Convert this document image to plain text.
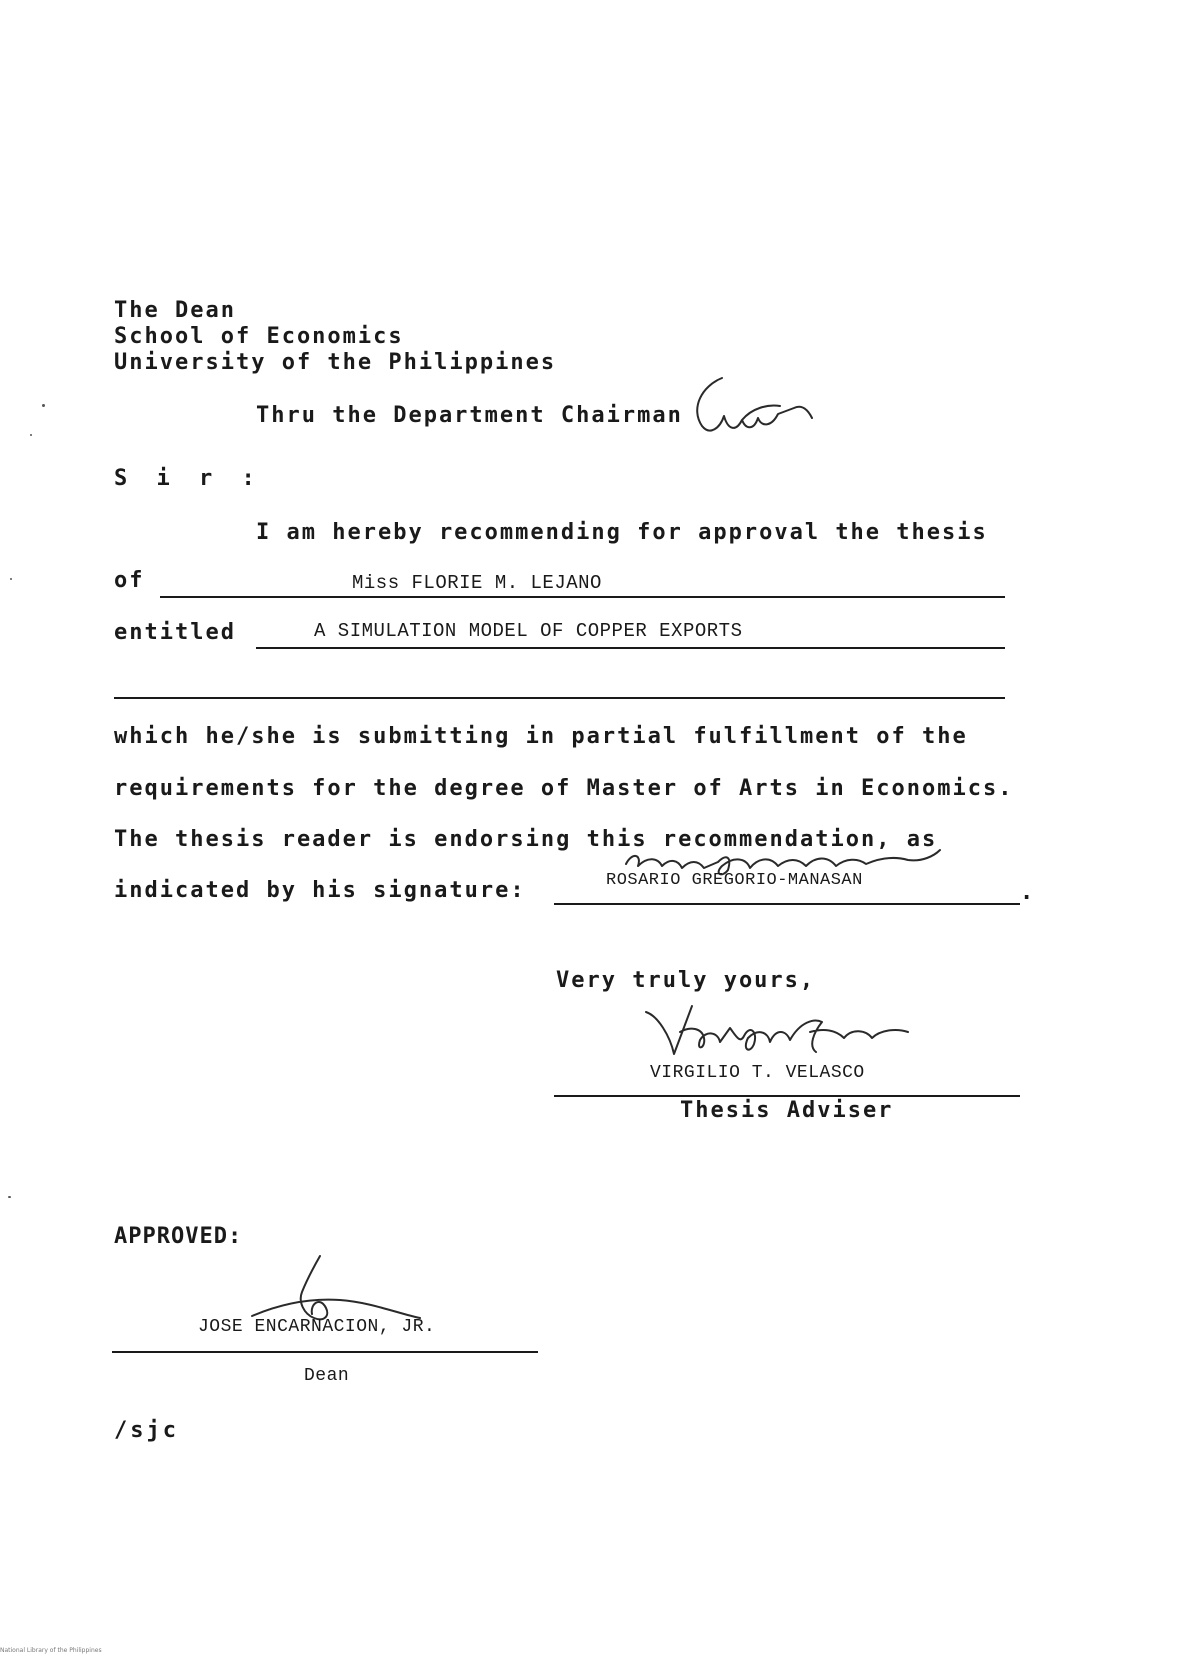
The Dean
School of Economics
University of the Philippines
Thru the Department Chairman
S i r :
I am hereby recommending for approval the thesis
of	Miss FLORIE M. LEJANO
entitled	A SIMULATION MODEL OF COPPER EXPORTS
which he/she is submitting in partial fulfillment of the
requirements for the degree of Master of Arts in Economics.
The thesis reader is endorsing this recommendation, as
indicated by his signature:	ROSARIO GREGORIO-MANASAN	.
Very truly yours,
VIRGILIO T. VELASCO
Thesis Adviser
APPROVED:
JOSE ENCARNACION, JR.
Dean
/sjc
National Library of the Philippines
